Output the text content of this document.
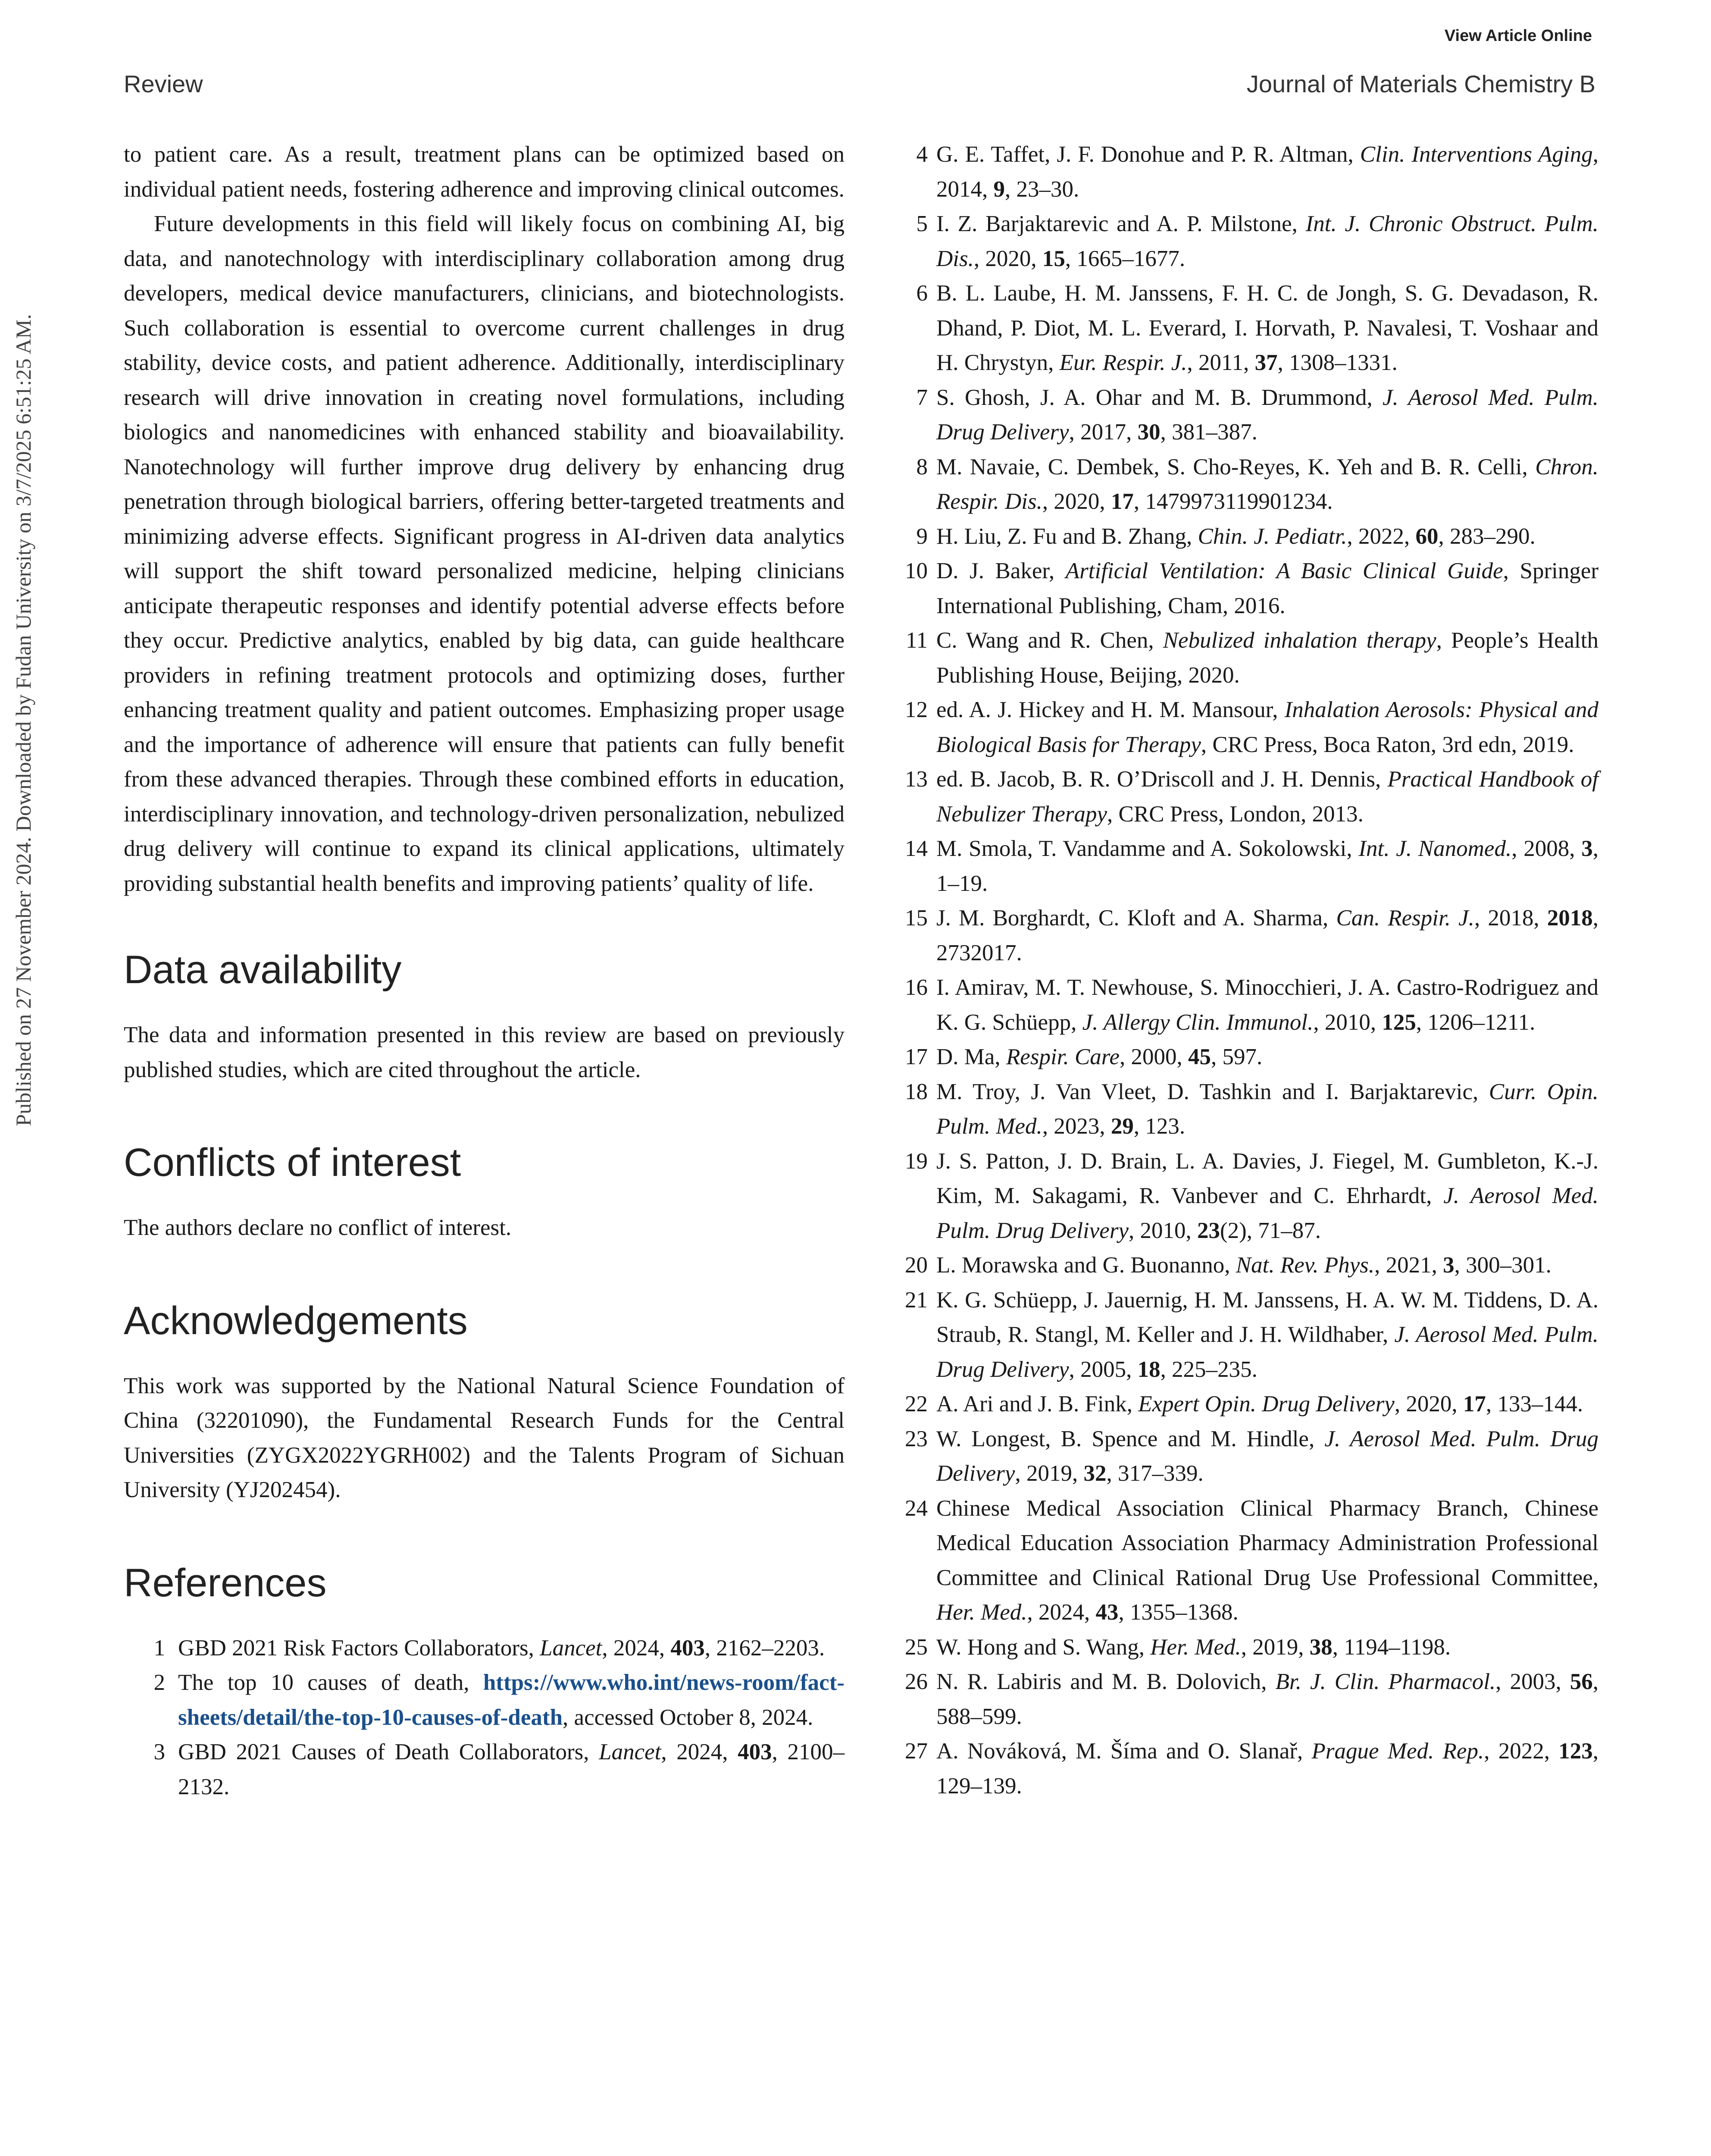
View Article Online
Review	Journal of Materials Chemistry B
Published on 27 November 2024. Downloaded by Fudan University on 3/7/2025 6:51:25 AM.

to patient care. As a result, treatment plans can be optimized based on individual patient needs, fostering adherence and improving clinical outcomes.

Future developments in this field will likely focus on combining AI, big data, and nanotechnology with interdisciplinary collaboration among drug developers, medical device manufacturers, clinicians, and biotechnologists. Such collaboration is essential to overcome current challenges in drug stability, device costs, and patient adherence. Additionally, interdisciplinary research will drive innovation in creating novel formulations, including biologics and nanomedicines with enhanced stability and bioavailability. Nanotechnology will further improve drug delivery by enhancing drug penetration through biological barriers, offering better-targeted treatments and minimizing adverse effects. Significant progress in AI-driven data analytics will support the shift toward personalized medicine, helping clinicians anticipate therapeutic responses and identify potential adverse effects before they occur. Predictive analytics, enabled by big data, can guide healthcare providers in refining treatment protocols and optimizing doses, further enhancing treatment quality and patient outcomes. Emphasizing proper usage and the importance of adherence will ensure that patients can fully benefit from these advanced therapies. Through these combined efforts in education, interdisciplinary innovation, and technology-driven personalization, nebulized drug delivery will continue to expand its clinical applications, ultimately providing substantial health benefits and improving patients’ quality of life.

Data availability

The data and information presented in this review are based on previously published studies, which are cited throughout the article.

Conflicts of interest

The authors declare no conflict of interest.

Acknowledgements

This work was supported by the National Natural Science Foundation of China (32201090), the Fundamental Research Funds for the Central Universities (ZYGX2022YGRH002) and the Talents Program of Sichuan University (YJ202454).

References
1 GBD 2021 Risk Factors Collaborators, Lancet, 2024, 403, 2162–2203.
2 The top 10 causes of death, https://www.who.int/news-room/fact-sheets/detail/the-top-10-causes-of-death, accessed October 8, 2024.
3 GBD 2021 Causes of Death Collaborators, Lancet, 2024, 403, 2100–2132.
4 G. E. Taffet, J. F. Donohue and P. R. Altman, Clin. Interventions Aging, 2014, 9, 23–30.
5 I. Z. Barjaktarevic and A. P. Milstone, Int. J. Chronic Obstruct. Pulm. Dis., 2020, 15, 1665–1677.
6 B. L. Laube, H. M. Janssens, F. H. C. de Jongh, S. G. Devadason, R. Dhand, P. Diot, M. L. Everard, I. Horvath, P. Navalesi, T. Voshaar and H. Chrystyn, Eur. Respir. J., 2011, 37, 1308–1331.
7 S. Ghosh, J. A. Ohar and M. B. Drummond, J. Aerosol Med. Pulm. Drug Delivery, 2017, 30, 381–387.
8 M. Navaie, C. Dembek, S. Cho-Reyes, K. Yeh and B. R. Celli, Chron. Respir. Dis., 2020, 17, 1479973119901234.
9 H. Liu, Z. Fu and B. Zhang, Chin. J. Pediatr., 2022, 60, 283–290.
10 D. J. Baker, Artificial Ventilation: A Basic Clinical Guide, Springer International Publishing, Cham, 2016.
11 C. Wang and R. Chen, Nebulized inhalation therapy, People’s Health Publishing House, Beijing, 2020.
12 ed. A. J. Hickey and H. M. Mansour, Inhalation Aerosols: Physical and Biological Basis for Therapy, CRC Press, Boca Raton, 3rd edn, 2019.
13 ed. B. Jacob, B. R. O’Driscoll and J. H. Dennis, Practical Handbook of Nebulizer Therapy, CRC Press, London, 2013.
14 M. Smola, T. Vandamme and A. Sokolowski, Int. J. Nanomed., 2008, 3, 1–19.
15 J. M. Borghardt, C. Kloft and A. Sharma, Can. Respir. J., 2018, 2018, 2732017.
16 I. Amirav, M. T. Newhouse, S. Minocchieri, J. A. Castro-Rodriguez and K. G. Schüepp, J. Allergy Clin. Immunol., 2010, 125, 1206–1211.
17 D. Ma, Respir. Care, 2000, 45, 597.
18 M. Troy, J. Van Vleet, D. Tashkin and I. Barjaktarevic, Curr. Opin. Pulm. Med., 2023, 29, 123.
19 J. S. Patton, J. D. Brain, L. A. Davies, J. Fiegel, M. Gumbleton, K.-J. Kim, M. Sakagami, R. Vanbever and C. Ehrhardt, J. Aerosol Med. Pulm. Drug Delivery, 2010, 23(2), 71–87.
20 L. Morawska and G. Buonanno, Nat. Rev. Phys., 2021, 3, 300–301.
21 K. G. Schüepp, J. Jauernig, H. M. Janssens, H. A. W. M. Tiddens, D. A. Straub, R. Stangl, M. Keller and J. H. Wildhaber, J. Aerosol Med. Pulm. Drug Delivery, 2005, 18, 225–235.
22 A. Ari and J. B. Fink, Expert Opin. Drug Delivery, 2020, 17, 133–144.
23 W. Longest, B. Spence and M. Hindle, J. Aerosol Med. Pulm. Drug Delivery, 2019, 32, 317–339.
24 Chinese Medical Association Clinical Pharmacy Branch, Chinese Medical Education Association Pharmacy Administration Professional Committee and Clinical Rational Drug Use Professional Committee, Her. Med., 2024, 43, 1355–1368.
25 W. Hong and S. Wang, Her. Med., 2019, 38, 1194–1198.
26 N. R. Labiris and M. B. Dolovich, Br. J. Clin. Pharmacol., 2003, 56, 588–599.
27 A. Nováková, M. Šíma and O. Slanař, Prague Med. Rep., 2022, 123, 129–139.
